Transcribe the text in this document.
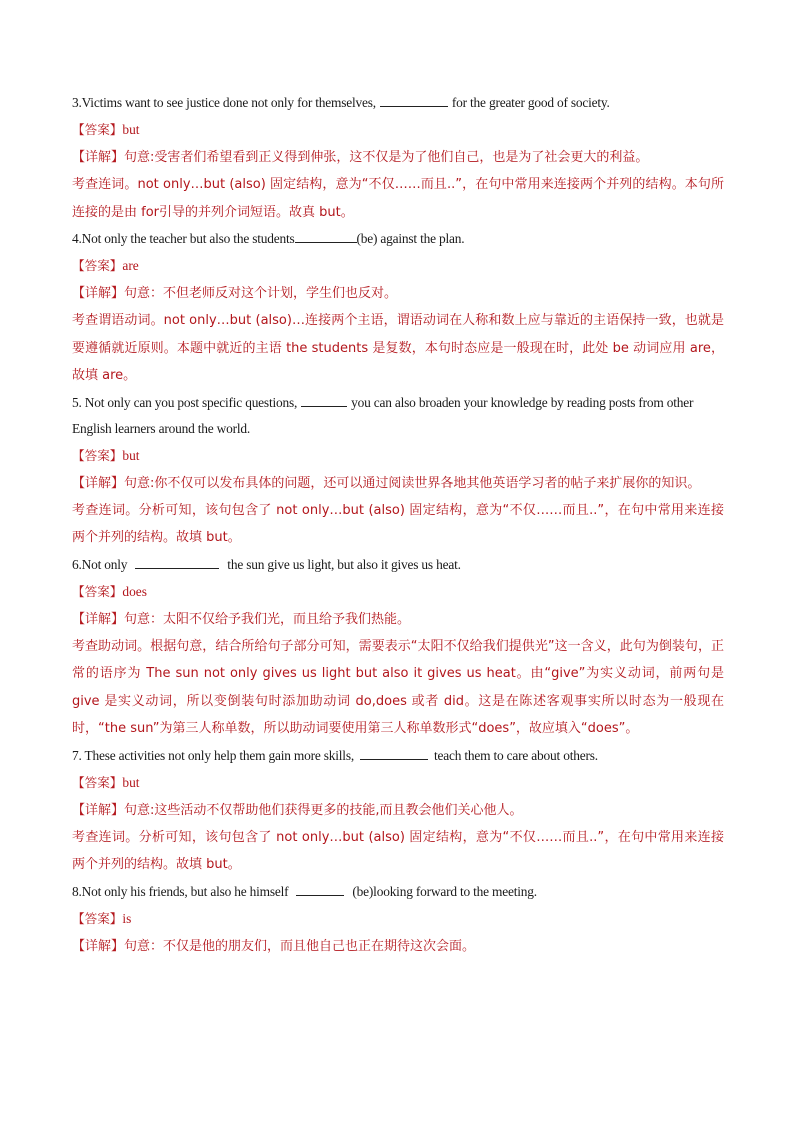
3.Victims want to see justice done not only for themselves,	for the greater good of society.
【答案】but
【详解】句意:受害者们希望看到正义得到伸张，这不仅是为了他们自己，也是为了社会更大的利益。
考查连词。not only…but (also) 固定结构，意为“不仅……而且..”，在句中常用来连接两个并列的结构。本句所连接的是由 for引导的并列介词短语。故真 but。
4.Not only the teacher but also the students	(be) against the plan.
【答案】are
【详解】句意：不但老师反对这个计划，学生们也反对。
考查谓语动词。not only…but (also)…连接两个主语，谓语动词在人称和数上应与靠近的主语保持一致，也就是要遵循就近原则。本题中就近的主语 the students 是复数，本句时态应是一般现在时，此处 be 动词应用 are，故填 are。
5. Not only can you post specific questions,	you can also broaden your knowledge by reading posts from other English learners around the world.
【答案】but
【详解】句意:你不仅可以发布具体的问题，还可以通过阅读世界各地其他英语学习者的帖子来扩展你的知识。
考查连词。分析可知，该句包含了 not only…but (also) 固定结构，意为“不仅……而且..”，在句中常用来连接两个并列的结构。故填 but。
6.Not only	the sun give us light, but also it gives us heat.
【答案】does
【详解】句意：太阳不仅给予我们光，而且给予我们热能。
考查助动词。根据句意，结合所给句子部分可知，需要表示“太阳不仅给我们提供光”这一含义，此句为倒装句，正常的语序为 The sun not only gives us light but also it gives us heat。由“give”为实义动词，前两句是 give 是实义动词，所以变倒装句时添加助动词 do,does 或者 did。这是在陈述客观事实所以时态为一般现在时，“the sun”为第三人称单数，所以助动词要使用第三人称单数形式“does”，故应填入“does”。
7. These activities not only help them gain more skills,	teach them to care about others.
【答案】but
【详解】句意:这些活动不仅帮助他们获得更多的技能,而且教会他们关心他人。
考查连词。分析可知，该句包含了 not only…but (also) 固定结构，意为“不仅……而且..”，在句中常用来连接两个并列的结构。故填 but。
8.Not only his friends, but also he himself	(be)looking forward to the meeting.
【答案】is
【详解】句意：不仅是他的朋友们，而且他自己也正在期待这次会面。
